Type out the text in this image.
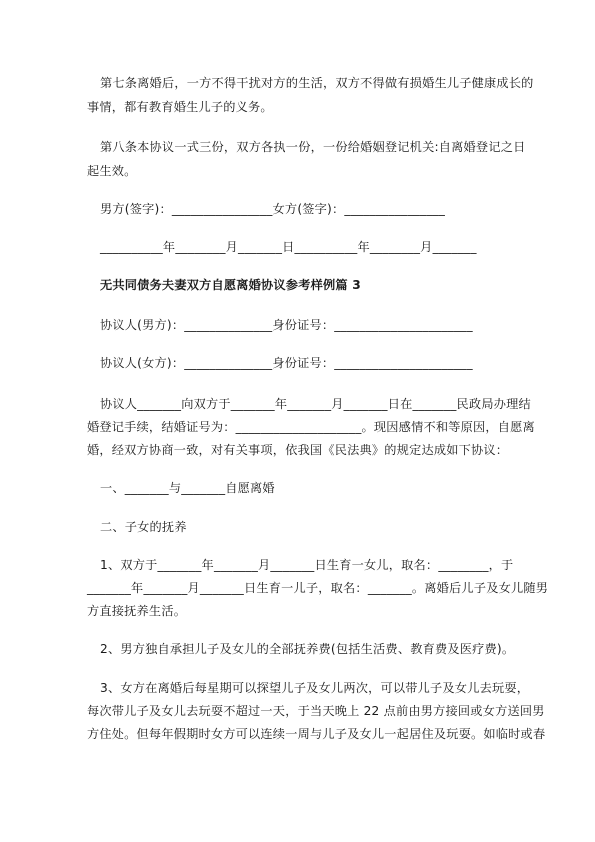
第七条离婚后，一方不得干扰对方的生活，双方不得做有损婚生儿子健康成长的
事情，都有教育婚生儿子的义务。
第八条本协议一式三份，双方各执一份，一份给婚姻登记机关:自离婚登记之日
起生效。
男方(签字)：________________女方(签字)：________________
__________年________月_______日__________年________月_______
无共同债务夫妻双方自愿离婚协议参考样例篇 3
协议人(男方)：______________身份证号：______________________
协议人(女方)：______________身份证号：______________________
协议人_______向双方于_______年_______月_______日在_______民政局办理结
婚登记手续，结婚证号为：____________________。现因感情不和等原因，自愿离
婚，经双方协商一致，对有关事项，依我国《民法典》的规定达成如下协议：
一、_______与_______自愿离婚
二、子女的抚养
1、双方于_______年_______月_______日生育一女儿，取名：________，于
_______年_______月_______日生育一儿子，取名：_______。离婚后儿子及女儿随男
方直接抚养生活。
2、男方独自承担儿子及女儿的全部抚养费(包括生活费、教育费及医疗费)。
3、女方在离婚后每星期可以探望儿子及女儿两次，可以带儿子及女儿去玩耍，
每次带儿子及女儿去玩耍不超过一天，于当天晚上 22 点前由男方接回或女方送回男
方住处。但每年假期时女方可以连续一周与儿子及女儿一起居住及玩耍。如临时或春
